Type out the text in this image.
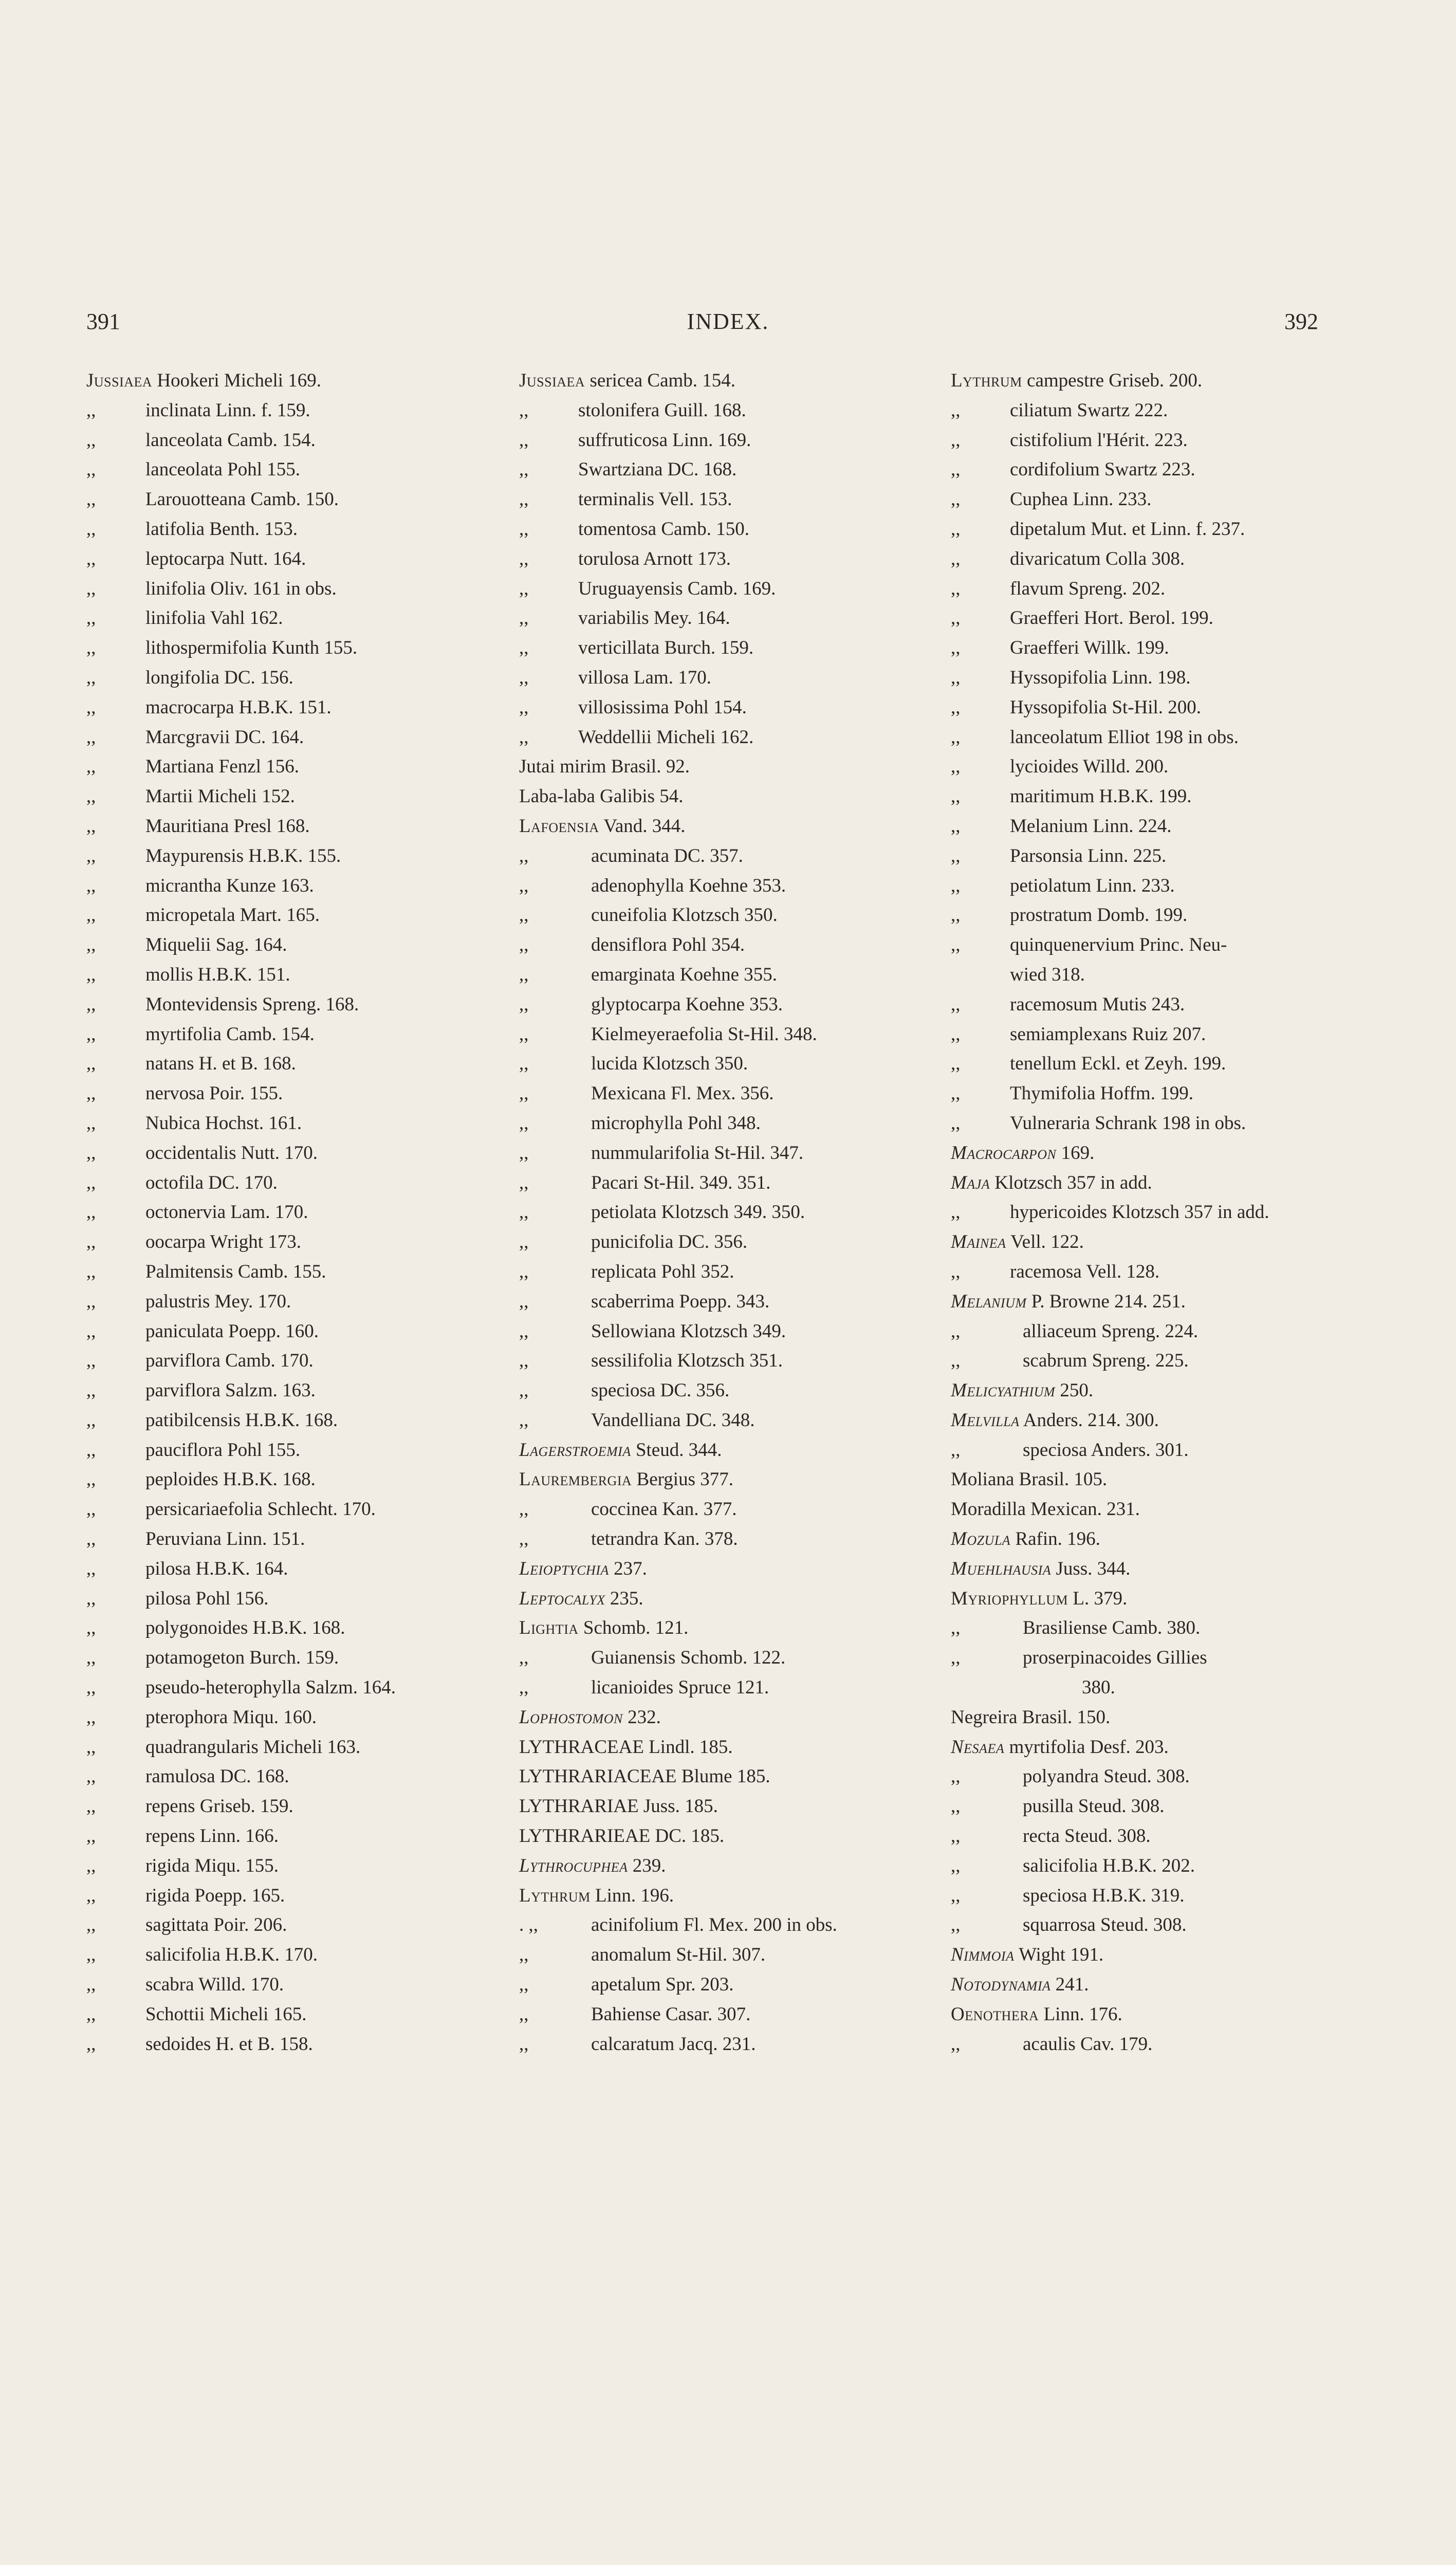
391	INDEX.	392
Jussiaea Hookeri Micheli 169.
,,	inclinata Linn. f. 159.
,,	lanceolata Camb. 154.
,,	lanceolata Pohl 155.
,,	Larouotteana Camb. 150.
,,	latifolia Benth. 153.
,,	leptocarpa Nutt. 164.
,,	linifolia Oliv. 161 in obs.
,,	linifolia Vahl 162.
,,	lithospermifolia Kunth 155.
,,	longifolia DC. 156.
,,	macrocarpa H.B.K. 151.
,,	Marcgravii DC. 164.
,,	Martiana Fenzl 156.
,,	Martii Micheli 152.
,,	Mauritiana Presl 168.
,,	Maypurensis H.B.K. 155.
,,	micrantha Kunze 163.
,,	micropetala Mart. 165.
,,	Miquelii Sag. 164.
,,	mollis H.B.K. 151.
,,	Montevidensis Spreng. 168.
,,	myrtifolia Camb. 154.
,,	natans H. et B. 168.
,,	nervosa Poir. 155.
,,	Nubica Hochst. 161.
,,	occidentalis Nutt. 170.
,,	octofila DC. 170.
,,	octonervia Lam. 170.
,,	oocarpa Wright 173.
,,	Palmitensis Camb. 155.
,,	palustris Mey. 170.
,,	paniculata Poepp. 160.
,,	parviflora Camb. 170.
,,	parviflora Salzm. 163.
,,	patibilcensis H.B.K. 168.
,,	pauciflora Pohl 155.
,,	peploides H.B.K. 168.
,,	persicariaefolia Schlecht. 170.
,,	Peruviana Linn. 151.
,,	pilosa H.B.K. 164.
,,	pilosa Pohl 156.
,,	polygonoides H.B.K. 168.
,,	potamogeton Burch. 159.
,,	pseudo-heterophylla Salzm. 164.
,,	pterophora Miqu. 160.
,,	quadrangularis Micheli 163.
,,	ramulosa DC. 168.
,,	repens Griseb. 159.
,,	repens Linn. 166.
,,	rigida Miqu. 155.
,,	rigida Poepp. 165.
,,	sagittata Poir. 206.
,,	salicifolia H.B.K. 170.
,,	scabra Willd. 170.
,,	Schottii Micheli 165.
,,	sedoides H. et B. 158.
Jussiaea sericea Camb. 154.
,,	stolonifera Guill. 168.
,,	suffruticosa Linn. 169.
,,	Swartziana DC. 168.
,,	terminalis Vell. 153.
,,	tomentosa Camb. 150.
,,	torulosa Arnott 173.
,,	Uruguayensis Camb. 169.
,,	variabilis Mey. 164.
,,	verticillata Burch. 159.
,,	villosa Lam. 170.
,,	villosissima Pohl 154.
,,	Weddellii Micheli 162.
Jutai mirim Brasil. 92.
Laba-laba Galibis 54.
Lafoensia Vand. 344.
,,	acuminata DC. 357.
,,	adenophylla Koehne 353.
,,	cuneifolia Klotzsch 350.
,,	densiflora Pohl 354.
,,	emarginata Koehne 355.
,,	glyptocarpa Koehne 353.
,,	Kielmeyeraefolia St-Hil. 348.
,,	lucida Klotzsch 350.
,,	Mexicana Fl. Mex. 356.
,,	microphylla Pohl 348.
,,	nummularifolia St-Hil. 347.
,,	Pacari St-Hil. 349. 351.
,,	petiolata Klotzsch 349. 350.
,,	punicifolia DC. 356.
,,	replicata Pohl 352.
,,	scaberrima Poepp. 343.
,,	Sellowiana Klotzsch 349.
,,	sessilifolia Klotzsch 351.
,,	speciosa DC. 356.
,,	Vandelliana DC. 348.
Lagerstroemia Steud. 344.
Laurembergia Bergius 377.
,,	coccinea Kan. 377.
,,	tetrandra Kan. 378.
Leioptychia 237.
Leptocalyx 235.
Lightia Schomb. 121.
,,	Guianensis Schomb. 122.
,,	licanioides Spruce 121.
Lophostomon 232.
LYTHRACEAE Lindl. 185.
LYTHRARIACEAE Blume 185.
LYTHRARIAE Juss. 185.
LYTHRARIEAE DC. 185.
Lythrocuphea 239.
Lythrum Linn. 196.
. ,,	acinifolium Fl. Mex. 200 in obs.
,,	anomalum St-Hil. 307.
,,	apetalum Spr. 203.
,,	Bahiense Casar. 307.
,,	calcaratum Jacq. 231.
Lythrum campestre Griseb. 200.
,,	ciliatum Swartz 222.
,,	cistifolium l'Hérit. 223.
,,	cordifolium Swartz 223.
,,	Cuphea Linn. 233.
,,	dipetalum Mut. et Linn. f. 237.
,,	divaricatum Colla 308.
,,	flavum Spreng. 202.
,,	Graefferi Hort. Berol. 199.
,,	Graefferi Willk. 199.
,,	Hyssopifolia Linn. 198.
,,	Hyssopifolia St-Hil. 200.
,,	lanceolatum Elliot 198 in obs.
,,	lycioides Willd. 200.
,,	maritimum H.B.K. 199.
,,	Melanium Linn. 224.
,,	Parsonsia Linn. 225.
,,	petiolatum Linn. 233.
,,	prostratum Domb. 199.
,,	quinquenervium Princ. Neu-
wied 318.
,,	racemosum Mutis 243.
,,	semiamplexans Ruiz 207.
,,	tenellum Eckl. et Zeyh. 199.
,,	Thymifolia Hoffm. 199.
,,	Vulneraria Schrank 198 in obs.
Macrocarpon 169.
Maja Klotzsch 357 in add.
,,	hypericoides Klotzsch 357 in add.
Mainea Vell. 122.
,,	racemosa Vell. 128.
Melanium P. Browne 214. 251.
,,	alliaceum Spreng. 224.
,,	scabrum Spreng. 225.
Melicyathium 250.
Melvilla Anders. 214. 300.
,,	speciosa Anders. 301.
Moliana Brasil. 105.
Moradilla Mexican. 231.
Mozula Rafin. 196.
Muehlhausia Juss. 344.
Myriophyllum L. 379.
,,	Brasiliense Camb. 380.
,,	proserpinacoides Gillies
380.
Negreira Brasil. 150.
Nesaea myrtifolia Desf. 203.
,,	polyandra Steud. 308.
,,	pusilla Steud. 308.
,,	recta Steud. 308.
,,	salicifolia H.B.K. 202.
,,	speciosa H.B.K. 319.
,,	squarrosa Steud. 308.
Nimmoia Wight 191.
Notodynamia 241.
Oenothera Linn. 176.
,,	acaulis Cav. 179.
